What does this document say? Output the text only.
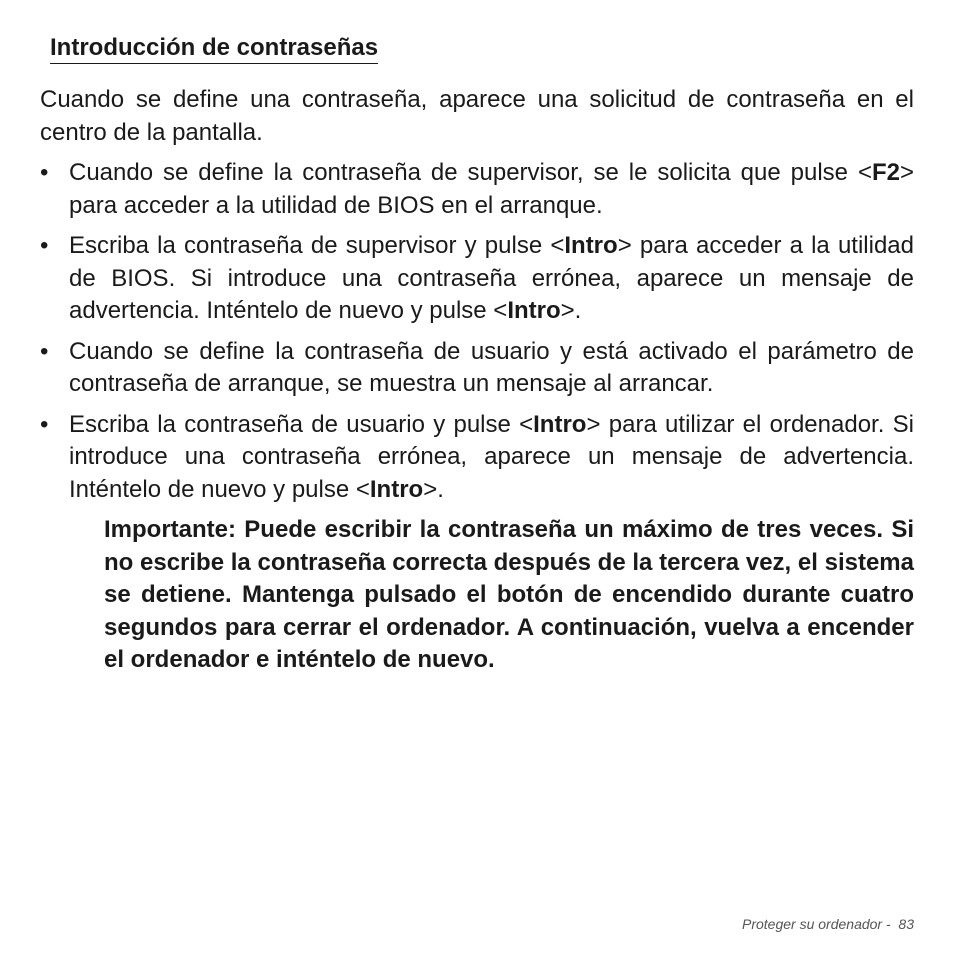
Introducción de contraseñas

Cuando se define una contraseña, aparece una solicitud de contraseña en el centro de la pantalla.

• Cuando se define la contraseña de supervisor, se le solicita que pulse <F2> para acceder a la utilidad de BIOS en el arranque.
• Escriba la contraseña de supervisor y pulse <Intro> para acceder a la utilidad de BIOS. Si introduce una contraseña errónea, aparece un mensaje de advertencia. Inténtelo de nuevo y pulse <Intro>.
• Cuando se define la contraseña de usuario y está activado el parámetro de contraseña de arranque, se muestra un mensaje al arrancar.
• Escriba la contraseña de usuario y pulse <Intro> para utilizar el ordenador. Si introduce una contraseña errónea, aparece un mensaje de advertencia. Inténtelo de nuevo y pulse <Intro>.

Importante: Puede escribir la contraseña un máximo de tres veces. Si no escribe la contraseña correcta después de la tercera vez, el sistema se detiene. Mantenga pulsado el botón de encendido durante cuatro segundos para cerrar el ordenador. A continuación, vuelva a encender el ordenador e inténtelo de nuevo.

Proteger su ordenador -  83
